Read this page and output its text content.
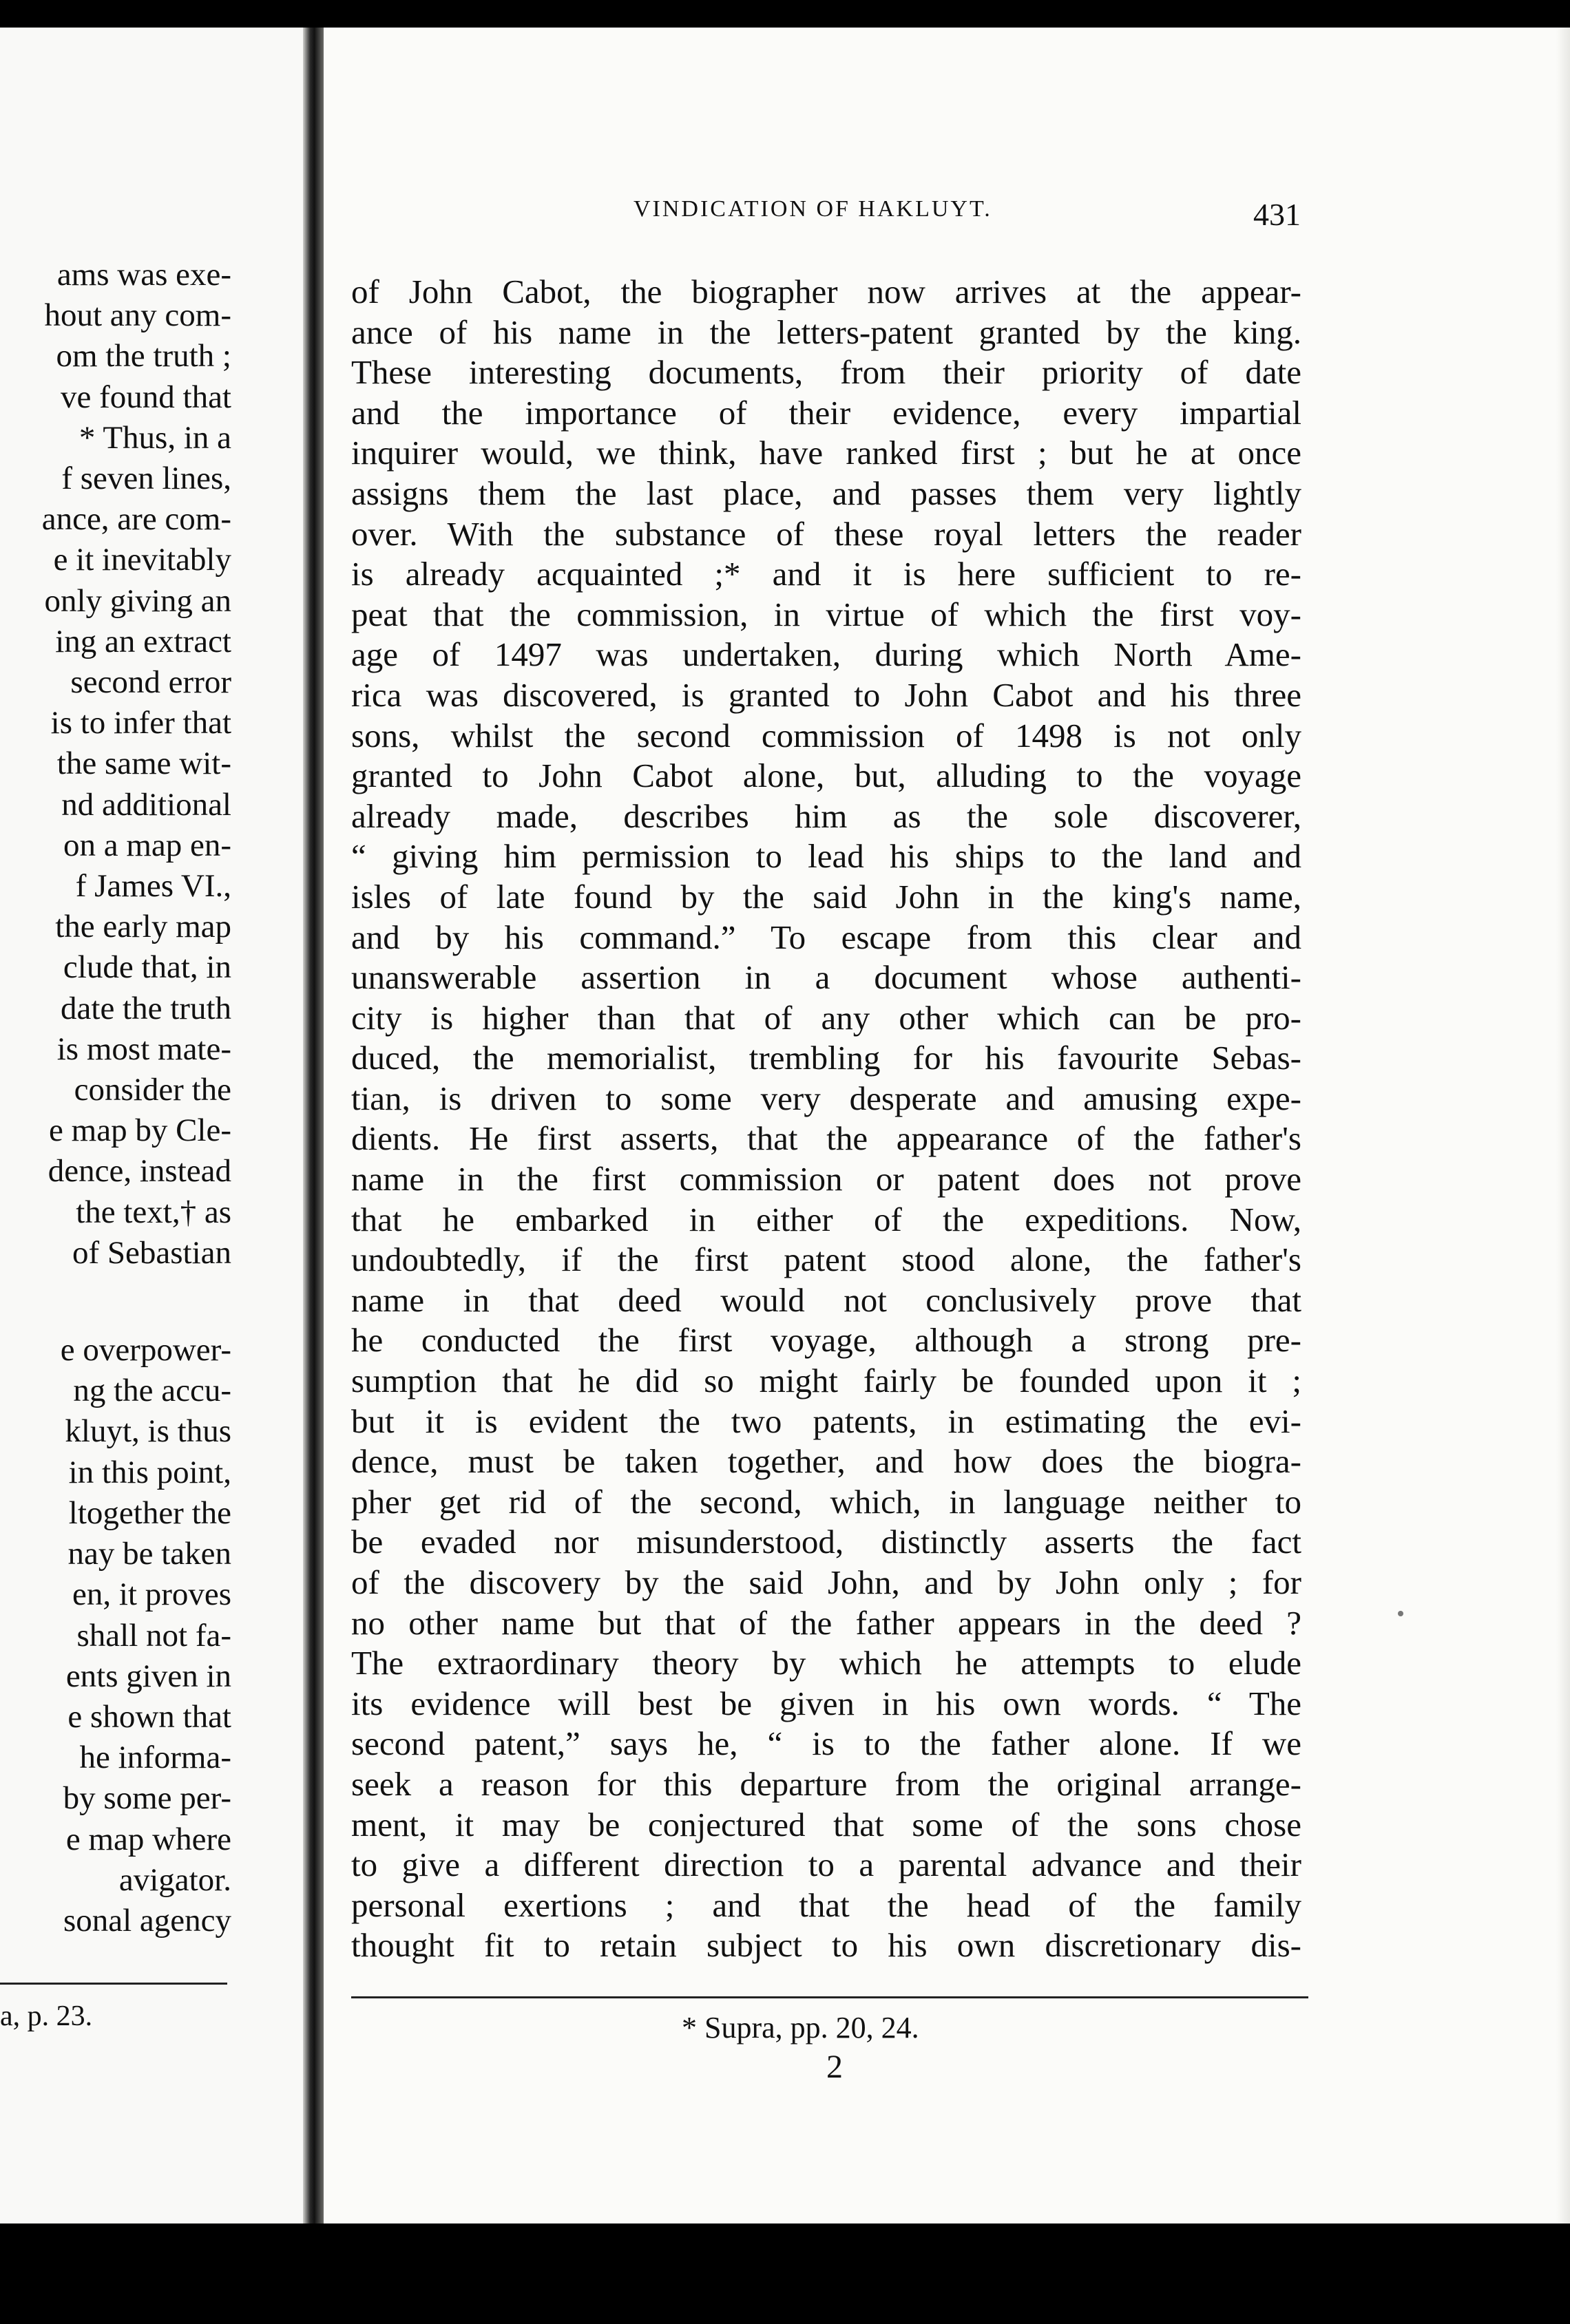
ams was exe-
hout any com-
om the truth ;
ve found that
* Thus, in a
f seven lines,
ance, are com-
e it inevitably
only giving an
ing an extract
second error
is to infer that
the same wit-
nd additional
on a map en-
f James VI.,
the early map
clude that, in
date the truth
is most mate-
consider the
e map by Cle-
dence, instead
the text,† as
of Sebastian
e overpower-
ng the accu-
kluyt, is thus
in this point,
ltogether the
nay be taken
en, it proves
shall not fa-
ents given in
e shown that
he informa-
by some per-
e map where
avigator.
sonal agency
a, p. 23.
VINDICATION OF HAKLUYT.	431
of John Cabot, the biographer now arrives at the appear-
ance of his name in the letters-patent granted by the king.
These interesting documents, from their priority of date
and the importance of their evidence, every impartial
inquirer would, we think, have ranked first ; but he at once
assigns them the last place, and passes them very lightly
over. With the substance of these royal letters the reader
is already acquainted ;* and it is here sufficient to re-
peat that the commission, in virtue of which the first voy-
age of 1497 was undertaken, during which North Ame-
rica was discovered, is granted to John Cabot and his three
sons, whilst the second commission of 1498 is not only
granted to John Cabot alone, but, alluding to the voyage
already made, describes him as the sole discoverer,
“ giving him permission to lead his ships to the land and
isles of late found by the said John in the king's name,
and by his command.” To escape from this clear and
unanswerable assertion in a document whose authenti-
city is higher than that of any other which can be pro-
duced, the memorialist, trembling for his favourite Sebas-
tian, is driven to some very desperate and amusing expe-
dients. He first asserts, that the appearance of the father's
name in the first commission or patent does not prove
that he embarked in either of the expeditions. Now,
undoubtedly, if the first patent stood alone, the father's
name in that deed would not conclusively prove that
he conducted the first voyage, although a strong pre-
sumption that he did so might fairly be founded upon it ;
but it is evident the two patents, in estimating the evi-
dence, must be taken together, and how does the biogra-
pher get rid of the second, which, in language neither to
be evaded nor misunderstood, distinctly asserts the fact
of the discovery by the said John, and by John only ; for
no other name but that of the father appears in the deed ?
The extraordinary theory by which he attempts to elude
its evidence will best be given in his own words. “ The
second patent,” says he, “ is to the father alone. If we
seek a reason for this departure from the original arrange-
ment, it may be conjectured that some of the sons chose
to give a different direction to a parental advance and their
personal exertions ; and that the head of the family
thought fit to retain subject to his own discretionary dis-
* Supra, pp. 20, 24.
2
